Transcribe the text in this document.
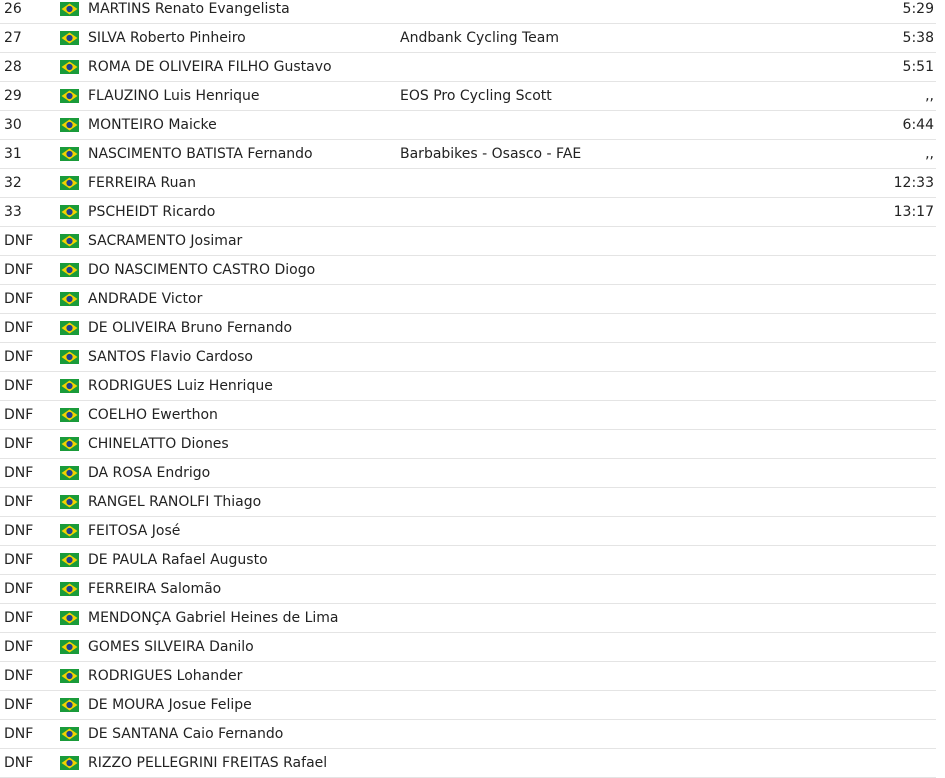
26	MARTINS Renato Evangelista	5:29
27	SILVA Roberto Pinheiro	Andbank Cycling Team	5:38
28	ROMA DE OLIVEIRA FILHO Gustavo	5:51
29	FLAUZINO Luis Henrique	EOS Pro Cycling Scott	,,
30	MONTEIRO Maicke	6:44
31	NASCIMENTO BATISTA Fernando	Barbabikes - Osasco - FAE	,,
32	FERREIRA Ruan	12:33
33	PSCHEIDT Ricardo	13:17
DNF	SACRAMENTO Josimar
DNF	DO NASCIMENTO CASTRO Diogo
DNF	ANDRADE Victor
DNF	DE OLIVEIRA Bruno Fernando
DNF	SANTOS Flavio Cardoso
DNF	RODRIGUES Luiz Henrique
DNF	COELHO Ewerthon
DNF	CHINELATTO Diones
DNF	DA ROSA Endrigo
DNF	RANGEL RANOLFI Thiago
DNF	FEITOSA José
DNF	DE PAULA Rafael Augusto
DNF	FERREIRA Salomão
DNF	MENDONÇA Gabriel Heines de Lima
DNF	GOMES SILVEIRA Danilo
DNF	RODRIGUES Lohander
DNF	DE MOURA Josue Felipe
DNF	DE SANTANA Caio Fernando
DNF	RIZZO PELLEGRINI FREITAS Rafael
